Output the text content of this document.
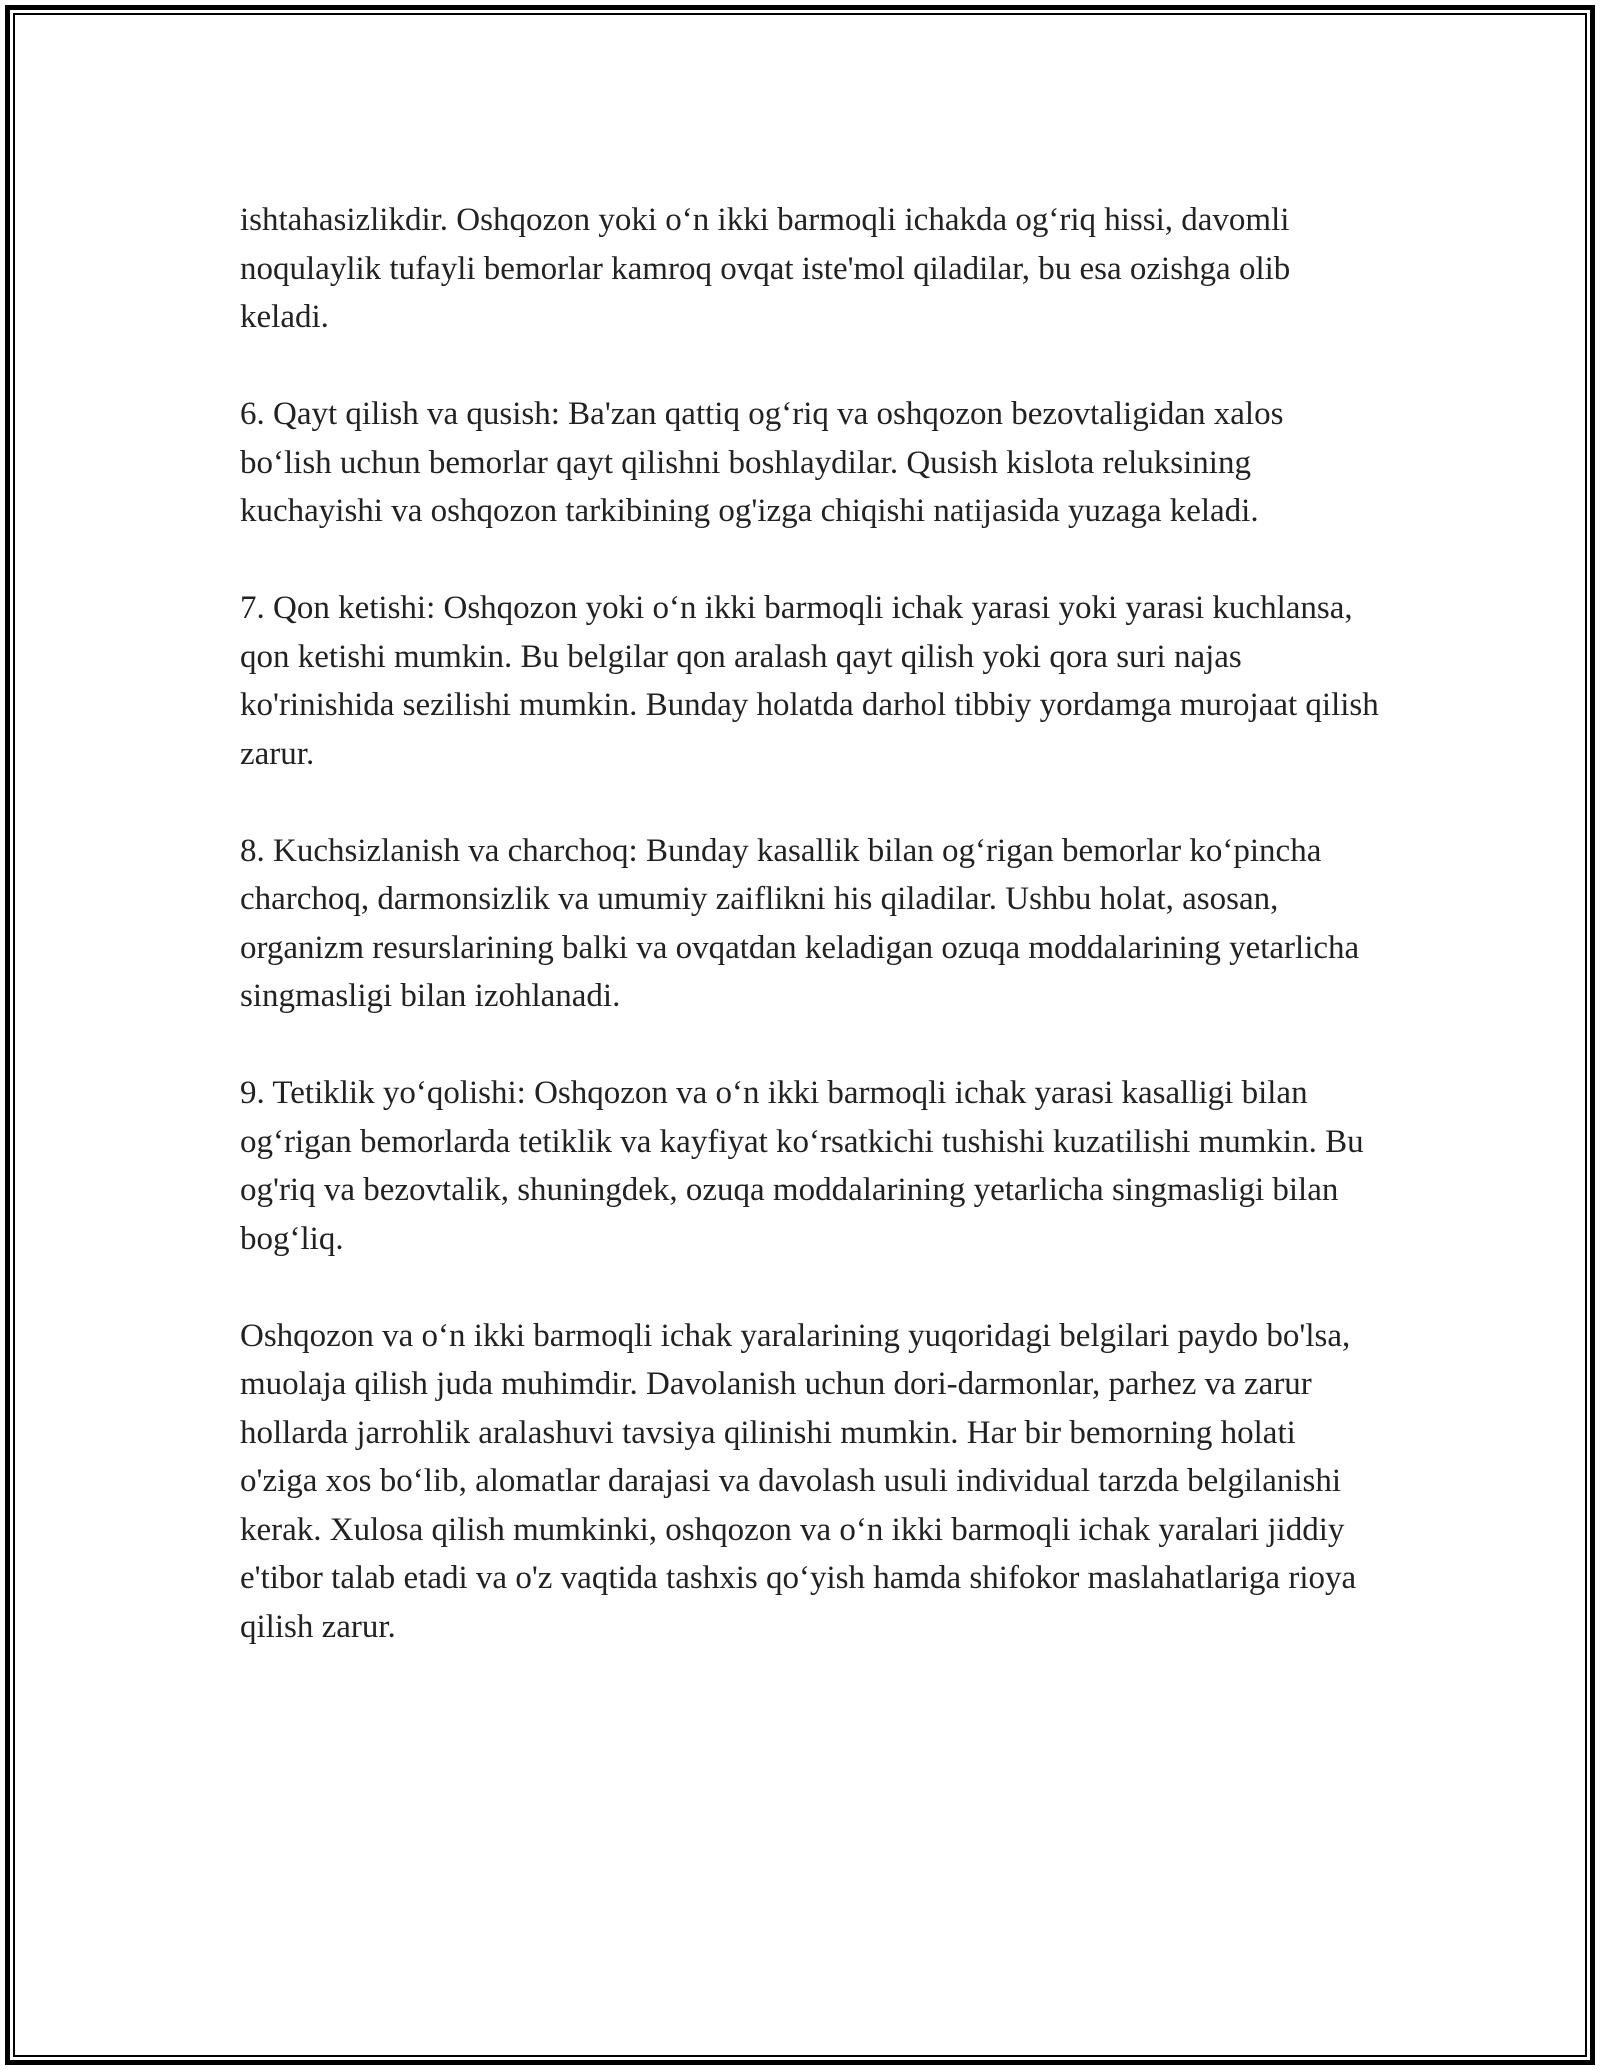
ishtahasizlikdir. Oshqozon yoki o‘n ikki barmoqli ichakda og‘riq hissi, davomli noqulaylik tufayli bemorlar kamroq ovqat iste'mol qiladilar, bu esa ozishga olib keladi.

6. Qayt qilish va qusish: Ba'zan qattiq og‘riq va oshqozon bezovtaligidan xalos bo‘lish uchun bemorlar qayt qilishni boshlaydilar. Qusish kislota reluksining kuchayishi va oshqozon tarkibining og'izga chiqishi natijasida yuzaga keladi.

7. Qon ketishi: Oshqozon yoki o‘n ikki barmoqli ichak yarasi yoki yarasi kuchlansa, qon ketishi mumkin. Bu belgilar qon aralash qayt qilish yoki qora suri najas ko'rinishida sezilishi mumkin. Bunday holatda darhol tibbiy yordamga murojaat qilish zarur.

8. Kuchsizlanish va charchoq: Bunday kasallik bilan og‘rigan bemorlar ko‘pincha charchoq, darmonsizlik va umumiy zaiflikni his qiladilar. Ushbu holat, asosan, organizm resurslarining balki va ovqatdan keladigan ozuqa moddalarining yetarlicha singmasligi bilan izohlanadi.

9. Tetiklik yo‘qolishi: Oshqozon va o‘n ikki barmoqli ichak yarasi kasalligi bilan og‘rigan bemorlarda tetiklik va kayfiyat ko‘rsatkichi tushishi kuzatilishi mumkin. Bu og'riq va bezovtalik, shuningdek, ozuqa moddalarining yetarlicha singmasligi bilan bog‘liq.

Oshqozon va o‘n ikki barmoqli ichak yaralarining yuqoridagi belgilari paydo bo'lsa, muolaja qilish juda muhimdir. Davolanish uchun dori-darmonlar, parhez va zarur hollarda jarrohlik aralashuvi tavsiya qilinishi mumkin. Har bir bemorning holati o'ziga xos bo‘lib, alomatlar darajasi va davolash usuli individual tarzda belgilanishi kerak. Xulosa qilish mumkinki, oshqozon va o‘n ikki barmoqli ichak yaralari jiddiy e'tibor talab etadi va o'z vaqtida tashxis qo‘yish hamda shifokor maslahatlariga rioya qilish zarur.
